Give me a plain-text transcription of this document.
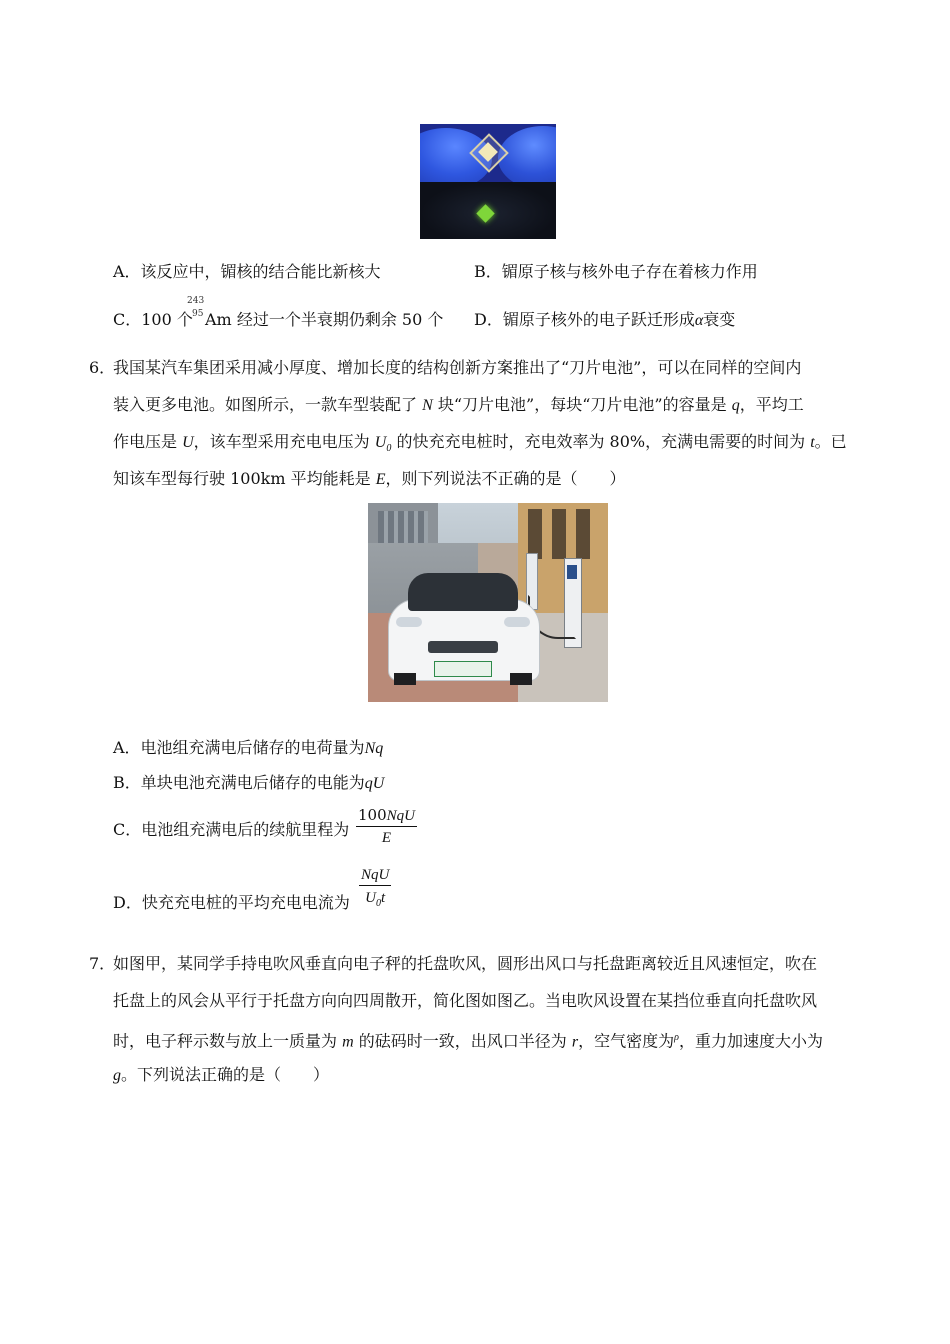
A．该反应中，镅核的结合能比新核大	B．镅原子核与核外电子存在着核力作用
C．100 个
243
95 Am 经过一个半衰期仍剩余 50 个 D．镅原子核外的电子跃迁形成α衰变
6．
我国某汽车集团采用减小厚度、增加长度的结构创新方案推出了“刀片电池”，可以在同样的空间内
装入更多电池。如图所示，一款车型装配了 N 块“刀片电池”，每块“刀片电池”的容量是 q，平均工
作电压是 U，该车型采用充电电压为 $U_0$ 的快充充电桩时，充电效率为 80%，充满电需要的时间为 t。已
知该车型每行驶 100km 平均能耗是 E，则下列说法不正确的是（　　）
A．电池组充满电后储存的电荷量为Nq
B．单块电池充满电后储存的电能为qU
C．电池组充满电后的续航里程为
100NqU
E
D．快充充电桩的平均充电电流为
NqU
$U_0t$
7．
如图甲，某同学手持电吹风垂直向电子秤的托盘吹风，圆形出风口与托盘距离较近且风速恒定，吹在
托盘上的风会从平行于托盘方向向四周散开，简化图如图乙。当电吹风设置在某挡位垂直向托盘吹风
时，电子秤示数与放上一质量为 m 的砝码时一致，出风口半径为 r，空气密度为$^\rho$，重力加速度大小为
g。下列说法正确的是（　　）
